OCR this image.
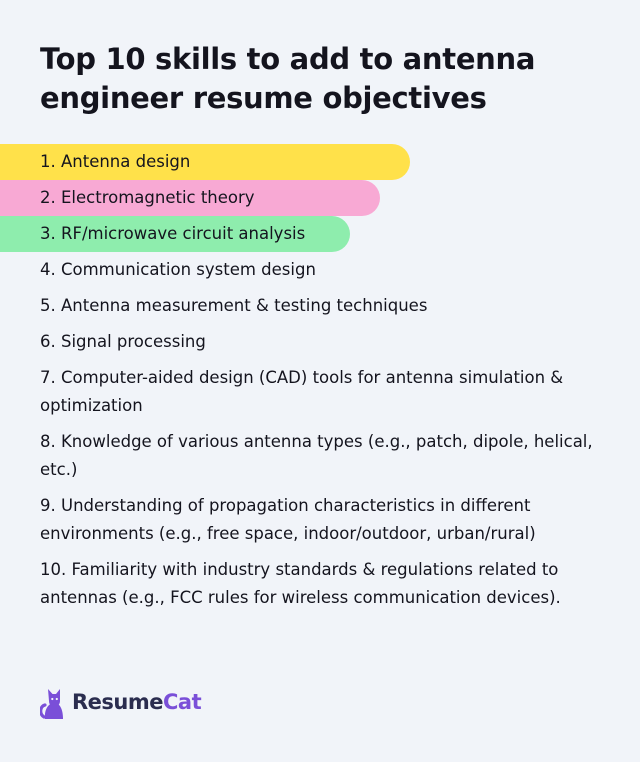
Top 10 skills to add to antenna engineer resume objectives
1. Antenna design
2. Electromagnetic theory
3. RF/microwave circuit analysis
4. Communication system design
5. Antenna measurement & testing techniques
6. Signal processing
7. Computer-aided design (CAD) tools for antenna simulation & optimization
8. Knowledge of various antenna types (e.g., patch, dipole, helical, etc.)
9. Understanding of propagation characteristics in different environments (e.g., free space, indoor/outdoor, urban/rural)
10. Familiarity with industry standards & regulations related to antennas (e.g., FCC rules for wireless communication devices).
ResumeCat
